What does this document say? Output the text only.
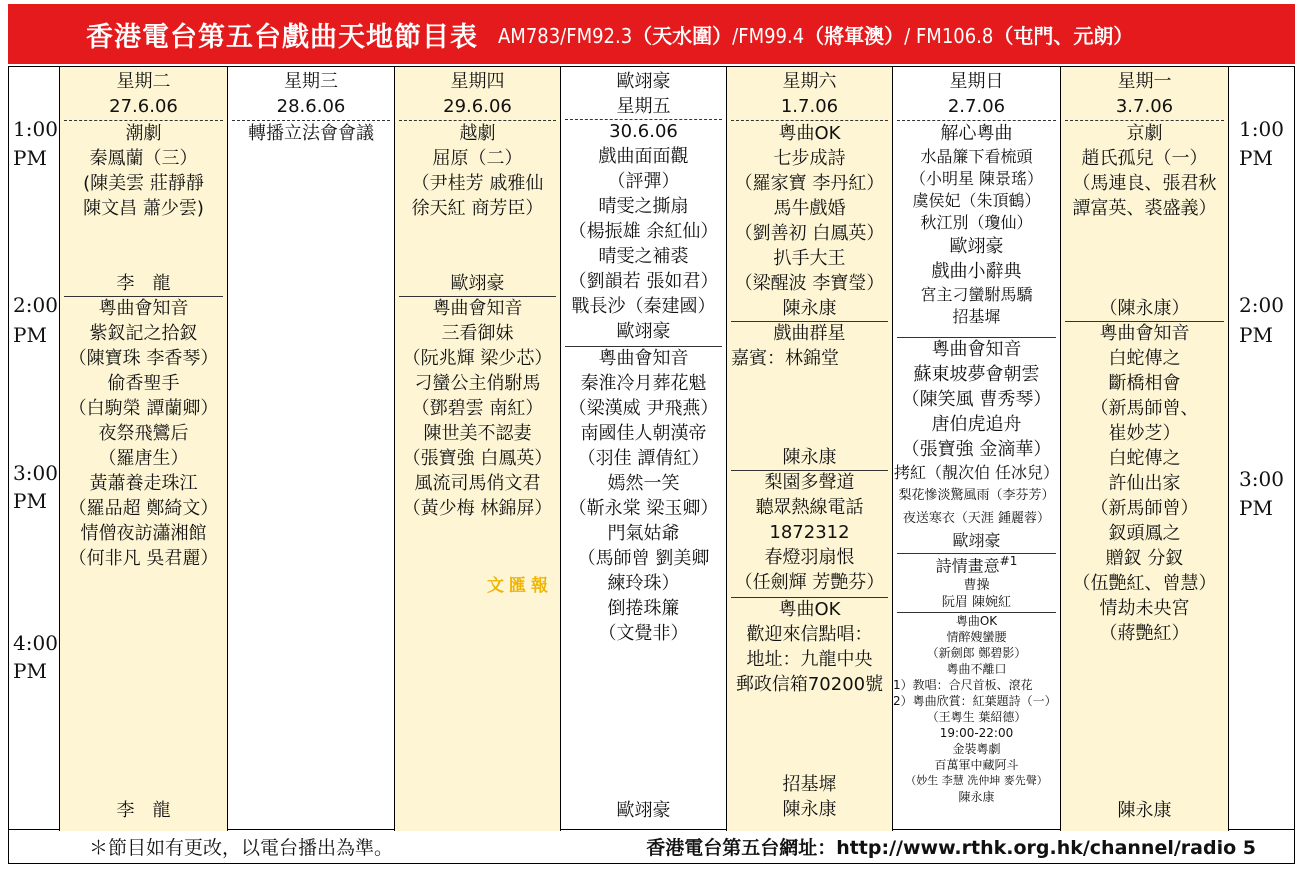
香港電台第五台戲曲天地節目表 AM783/FM92.3（天水圍）/FM99.4（將軍澳）/ FM106.8（屯門、元朗）
1:00
PM
2:00
PM
3:00
PM
4:00
PM
星期二
27.6.06
潮劇
秦鳳蘭（三）
(陳美雲 莊靜靜
陳文昌 蕭少雲)
李　龍
粵曲會知音
紫釵記之拾釵
（陳寶珠 李香琴）
偷香聖手
（白駒榮 譚蘭卿）
夜祭飛鸞后
（羅唐生）
黃蕭養走珠江
（羅品超 鄭綺文）
情僧夜訪瀟湘館
（何非凡 吳君麗）
李　龍
星期三
28.6.06
轉播立法會會議
星期四
29.6.06
越劇
屈原（二）
（尹桂芳 戚雅仙
徐天紅 商芳臣）
歐翊豪
粵曲會知音
三看御妹
（阮兆輝 梁少芯）
刁蠻公主俏駙馬
（鄧碧雲 南紅）
陳世美不認妻
（張寶強 白鳳英）
風流司馬俏文君
（黃少梅 林錦屏）
歐翊豪
星期五
30.6.06
戲曲面面觀
（評彈）
晴雯之撕扇
（楊振雄 余紅仙）
晴雯之補裘
（劉韻若 張如君）
戰長沙（秦建國）
歐翊豪
粵曲會知音
秦淮冷月葬花魁
（梁漢威 尹飛燕）
南國佳人朝漢帝
（羽佳 譚倩紅）
嫣然一笑
（靳永棠 梁玉卿）
門氣姑爺
（馬師曾 劉美卿
練玲珠）
倒捲珠簾
（文覺非）
歐翊豪
星期六
1.7.06
粵曲OK
七步成詩
（羅家寶 李丹紅）
馬牛戲婚
（劉善初 白鳳英）
扒手大王
（梁醒波 李寶瑩）
陳永康
戲曲群星
嘉賓：林錦堂
陳永康
梨園多聲道
聽眾熱線電話
1872312
春燈羽扇恨
（任劍輝 芳艷芬）
粵曲OK
歡迎來信點唱：
地址：九龍中央
郵政信箱70200號
招基墀
陳永康
星期日
2.7.06
解心粵曲
水晶簾下看梳頭
（小明星 陳景瑤）
虞侯妃（朱頂鶴）
秋江別（瓊仙）
歐翊豪
戲曲小辭典
宮主刁蠻駙馬驕
招基墀
粵曲會知音
蘇東坡夢會朝雲
（陳笑風 曹秀琴）
唐伯虎追舟
（張寶強 金滴華）
拷紅（靚次伯 任冰兒）
梨花慘淡驚風雨（李芬芳）
夜送寒衣（天涯 鍾麗蓉）
歐翊豪
詩情畫意$^{\#1}$
曹操
阮眉 陳婉紅
粵曲OK
情醉嫂蠻腰
（新劍郎 鄭碧影）
粵曲不離口
1）教唱：合尺首板、滾花
2）粵曲欣賞：紅葉題詩（一）
（王粵生 葉紹德）
19:00-22:00
金裝粵劇
百萬軍中藏阿斗
（妙生 李慧 冼仲坤 麥先聲）
陳永康
星期一
3.7.06
京劇
趙氏孤兒（一）
（馬連良、張君秋
譚富英、裘盛義）
（陳永康）
粵曲會知音
白蛇傳之
斷橋相會
（新馬師曾、
崔妙芝）
白蛇傳之
許仙出家
（新馬師曾）
釵頭鳳之
贈釵 分釵
（伍艷紅、曾慧）
情劫未央宮
（蔣艷紅）
陳永康
1:00
PM
2:00
PM
3:00
PM
文匯報
＊節目如有更改，以電台播出為準。	香港電台第五台網址：http://www.rthk.org.hk/channel/radio 5
